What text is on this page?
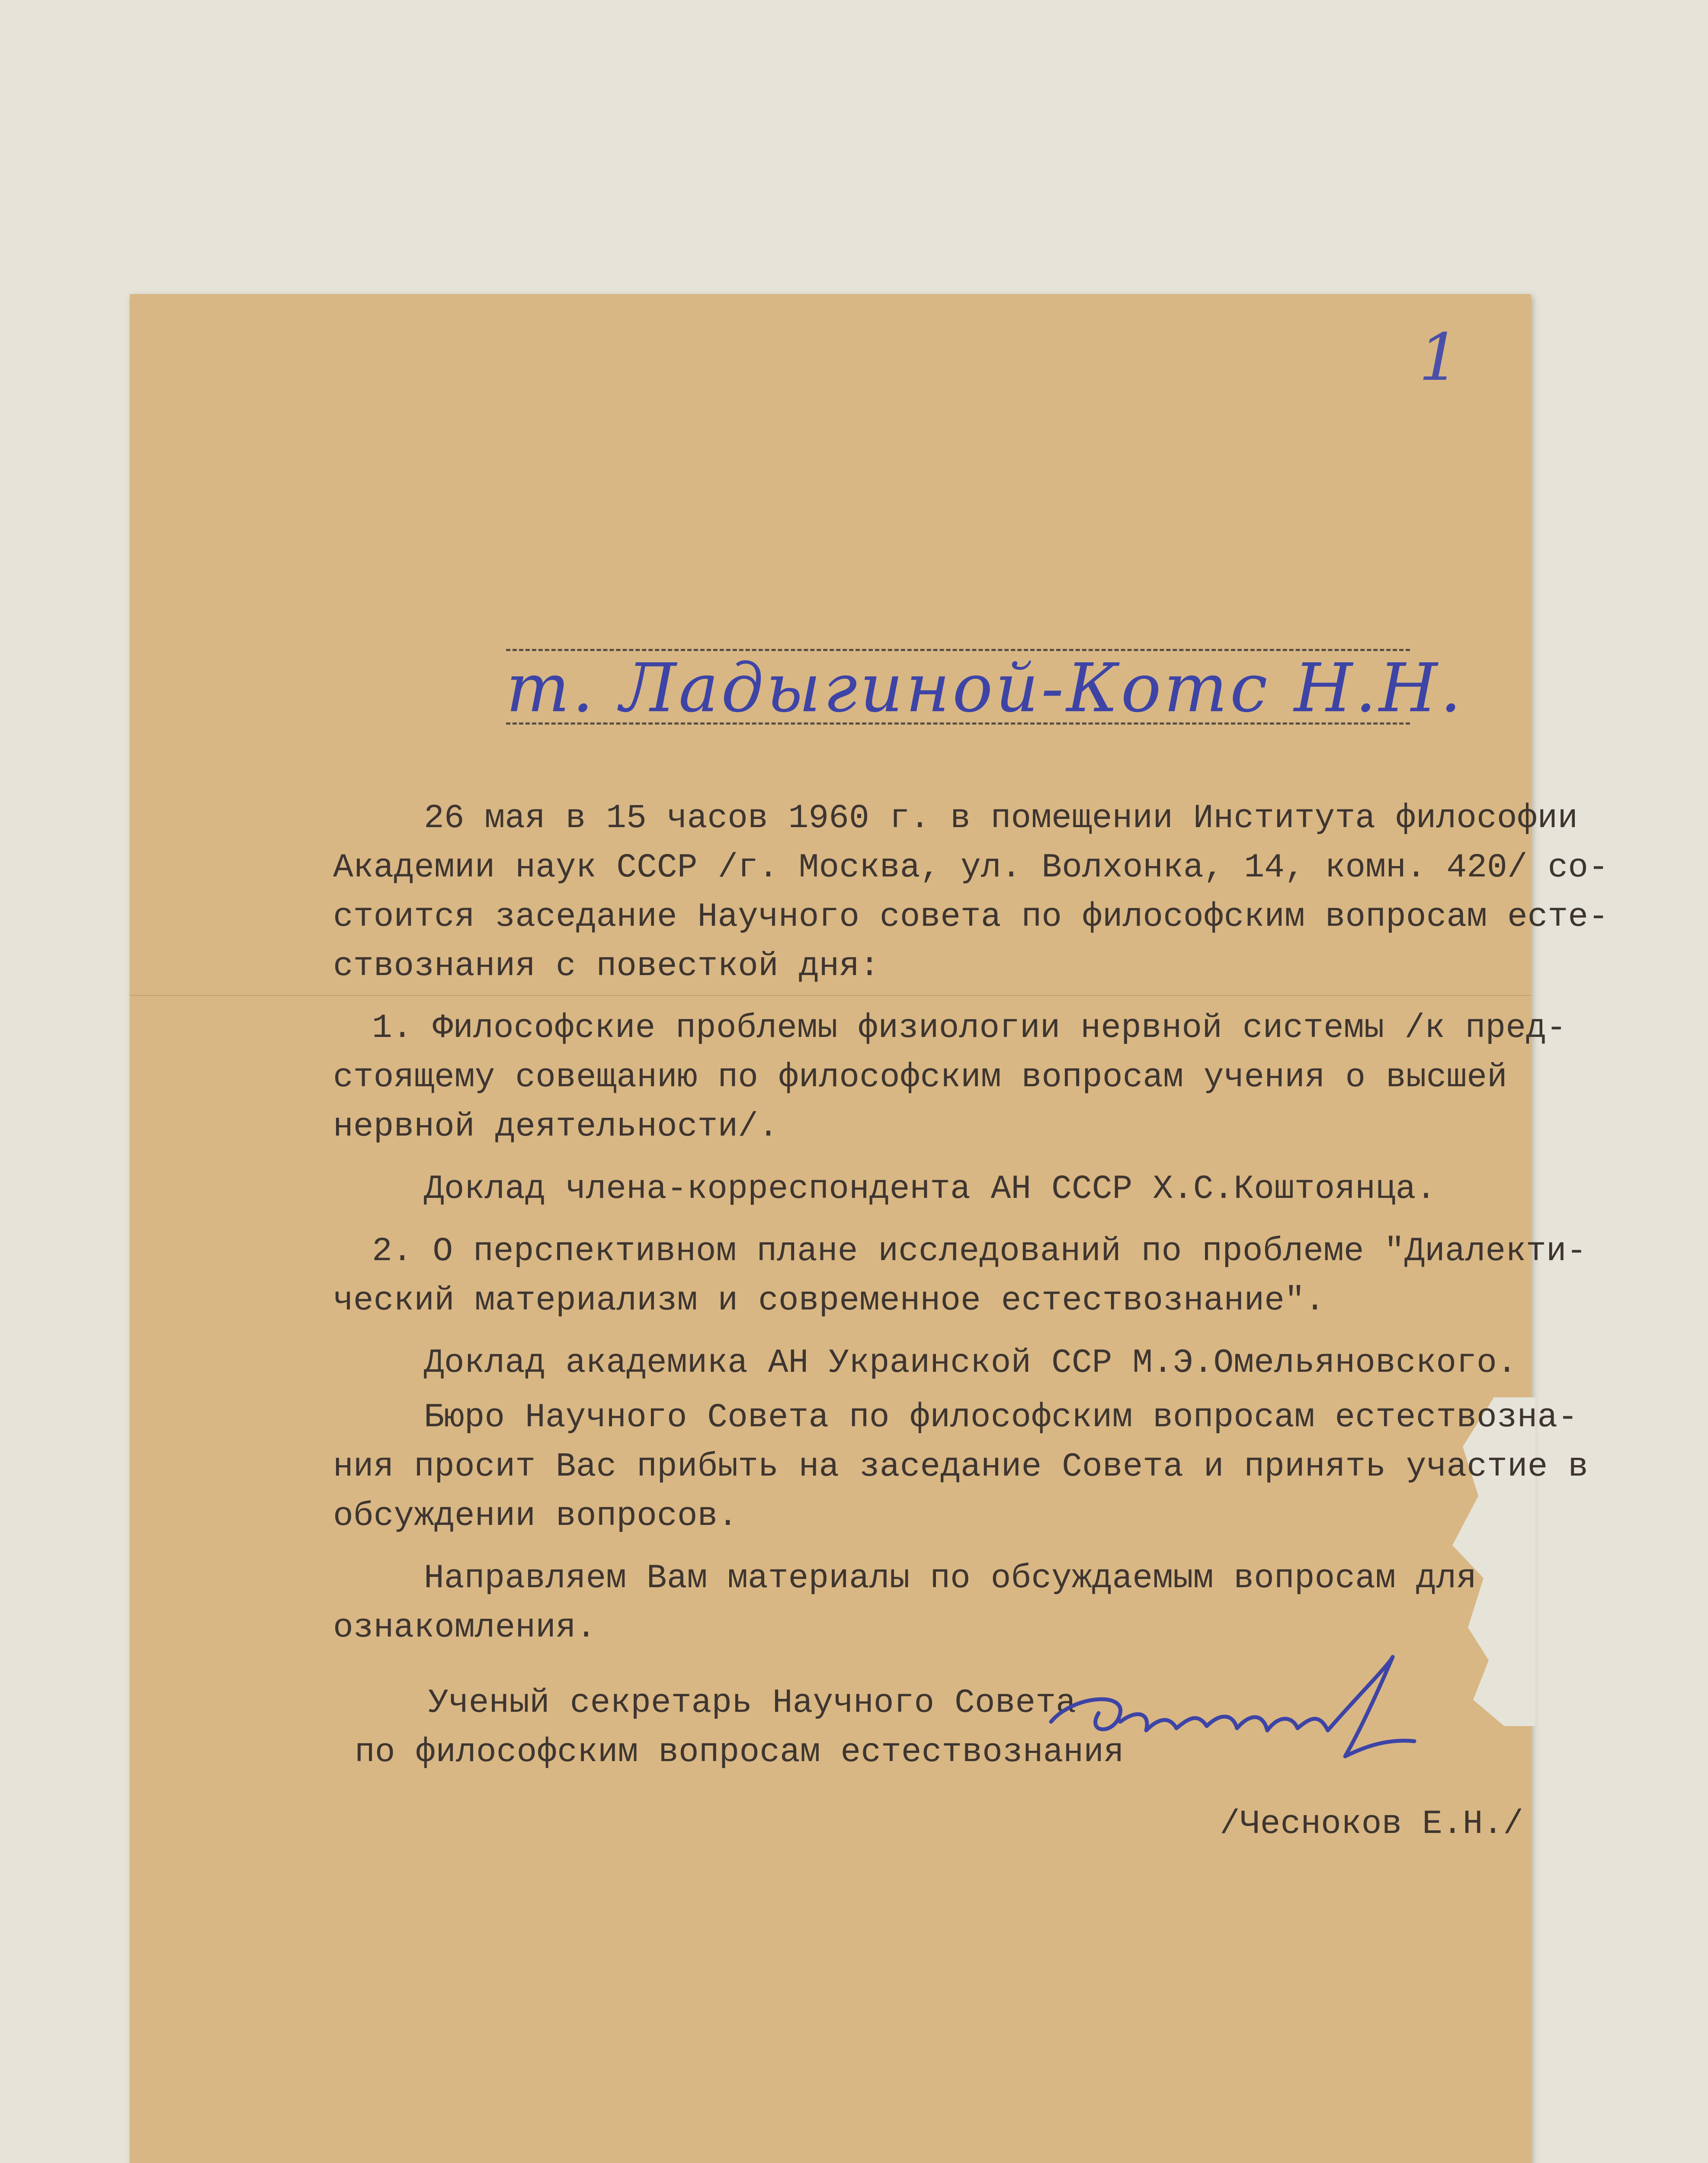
1
т. Ладыгиной-Котс Н.Н.
26 мая в 15 часов 1960 г. в помещении Института философии
Академии наук СССР /г. Москва, ул. Волхонка, 14, комн. 420/ со-
стоится заседание Научного совета по философским вопросам есте-
ствознания с повесткой дня:
1. Философские проблемы физиологии нервной системы /к пред-
стоящему совещанию по философским вопросам учения о высшей
нервной деятельности/.
Доклад члена-корреспондента АН СССР Х.С.Коштоянца.
2. О перспективном плане исследований по проблеме "Диалекти-
ческий материализм и современное естествознание".
Доклад академика АН Украинской ССР М.Э.Омельяновского.
Бюро Научного Совета по философским вопросам естествозна-
ния просит Вас прибыть на заседание Совета и принять участие в
обсуждении вопросов.
Направляем Вам материалы по обсуждаемым вопросам для
ознакомления.
Ученый секретарь Научного Совета
по философским вопросам естествознания
/Чесноков Е.Н./
